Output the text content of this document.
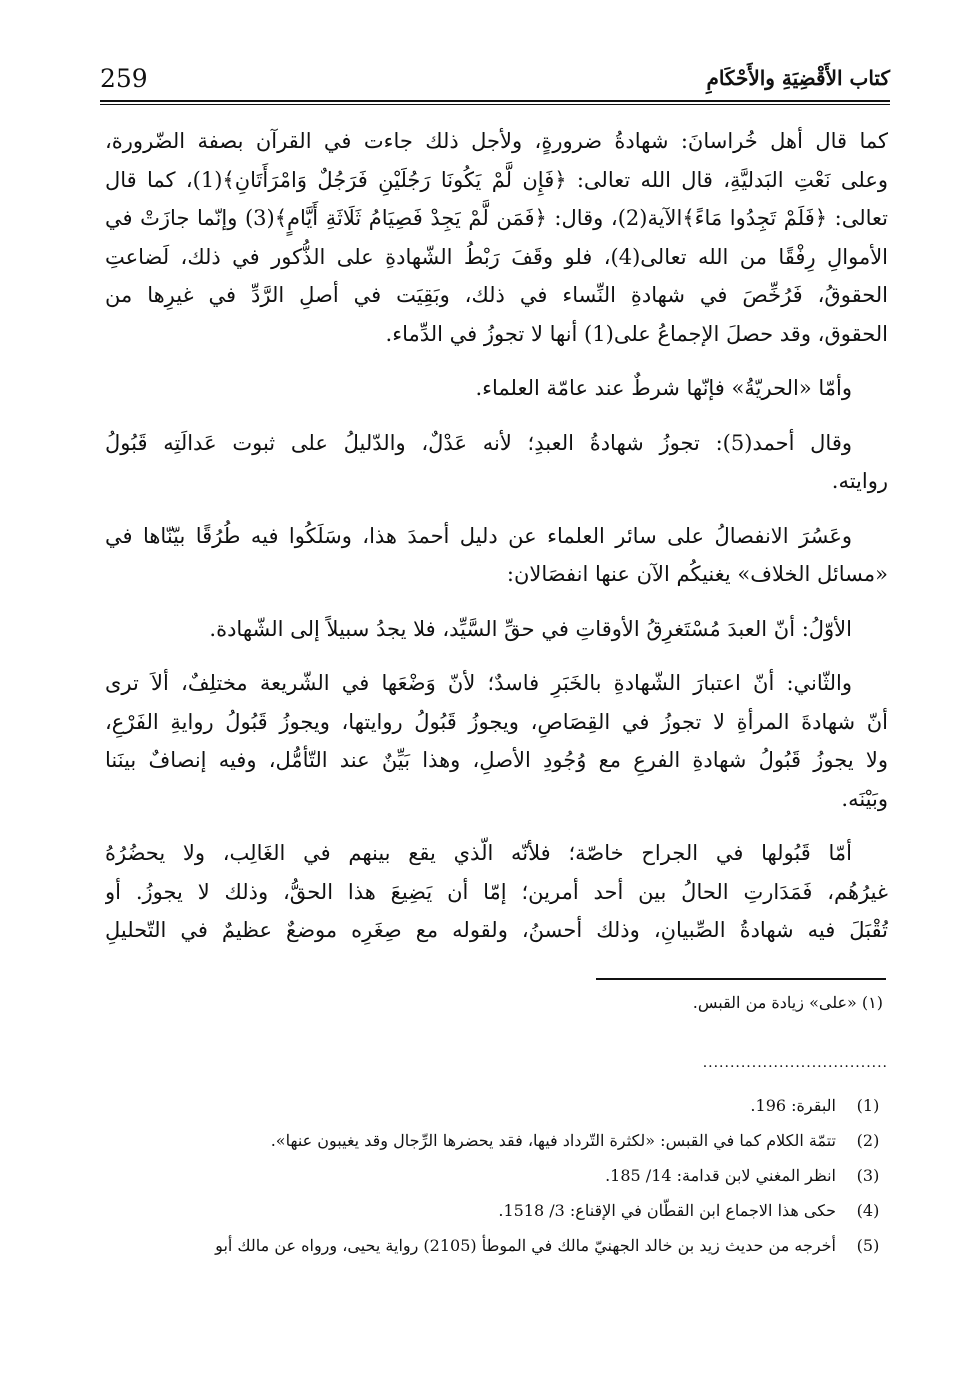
259	كتاب الأَقْضِيَةِ والأَحْكَامِ
كما قال أهل خُراسانَ: شهادةُ ضرورةٍ، ولأجل ذلك جاءت في القرآن بصفة الضّرورة،
وعلى نَعْتِ البَدليَّةِ، قال الله تعالى: ﴿فَإِن لَّمْ يَكُونَا رَجُلَيْنِ فَرَجُلٌ وَامْرَأَتَانِ﴾(1)، كما قال
تعالى: ﴿فَلَمْ تَجِدُوا مَاءً﴾الآية(2)، وقال: ﴿فَمَن لَّمْ يَجِدْ فَصِيَامُ ثَلَاثَةِ أَيَّامٍ﴾(3) وإنّما جازَتْ في
الأموالِ رِفْقًا من الله تعالى(4)، فلو وقَفَ رَبْطُ الشّهادةِ على الذُّكور في ذلك، لَضاعتِ
الحقوقُ، فَرُخِّصَ في شهادةِ النِّساء في ذلك، وبَقِيَت في أصلِ الرَّدِّ في غيرِها من
الحقوق، وقد حصلَ الإجماعُ على(1) أنها لا تجوزُ في الدِّماء.
وأمّا «الحريّةُ» فإنّها شرطٌ عند عامّة العلماء.
وقال أحمد(5): تجوزُ شهادةُ العبدِ؛ لأنه عَدْلٌ، والدّليلُ على ثبوت عَدالَتِه قَبُولُ
روايته.
وعَسُرَ الانفصالُ على سائر العلماء عن دليل أحمدَ هذا، وسَلَكُوا فيه طُرُقًا بيّنّاها في
«مسائل الخلاف» يغنيكُم الآن عنها انفصَالان:
الأوّلُ: أنّ العبدَ مُسْتَغرِقُ الأوقاتِ في حقِّ السَّيِّد، فلا يجدُ سبيلاً إلى الشّهادة.
والثّاني: أنّ اعتبارَ الشّهادةِ بالخَبَرِ فاسدٌ؛ لأنّ وَضْعَها في الشّريعة مختلِفٌ، ألاَ ترى
أنّ شهادةَ المرأةِ لا تجوزُ في القِصَاصِ، ويجوزُ قَبُولُ روايتها، ويجوزُ قَبُولُ روايةِ الفَرْعِ،
ولا يجوزُ قَبُولُ شهادةِ الفرعِ مع وُجُودِ الأصلِ، وهذا بَيِّنٌ عند التّأمُّل، وفيه إنصافٌ بينَنا
وبَيْنَه.
أمّا قَبُولها في الجراح خاصّة؛ فلأنّه الّذي يقع بينهم في الغَالِب، ولا يحضُرُهُ
غيرُهُم، فَمَدَارتِ الحالُ بين أحد أمرين؛ إمّا أن يَضِيعَ هذا الحقُّ، وذلك لا يجوزُ. أو
تُقْبَلَ فيه شهادةُ الصِّبيانِ، وذلك أحسنُ، ولقوله مع صِغَرِه موضعٌ عظيمٌ في التّحليلِ
(١) «على» زيادة من القبس.
..................................
(1)
البقرة: 196.
(2)
تتمّة الكلام كما في القبس: «لكثرة التّرداد فيها، فقد يحضرها الرِّجال وقد يغيبون عنها».
(3)
انظر المغني لابن قدامة: 14/ 185.
(4)
حكى هذا الاجماع ابن القطّان في الإقناع: 3/ 1518.
(5)
أخرجه من حديث زيد بن خالد الجهنيّ مالك في الموطأ (2105) رواية يحيى، ورواه عن مالك أبو
